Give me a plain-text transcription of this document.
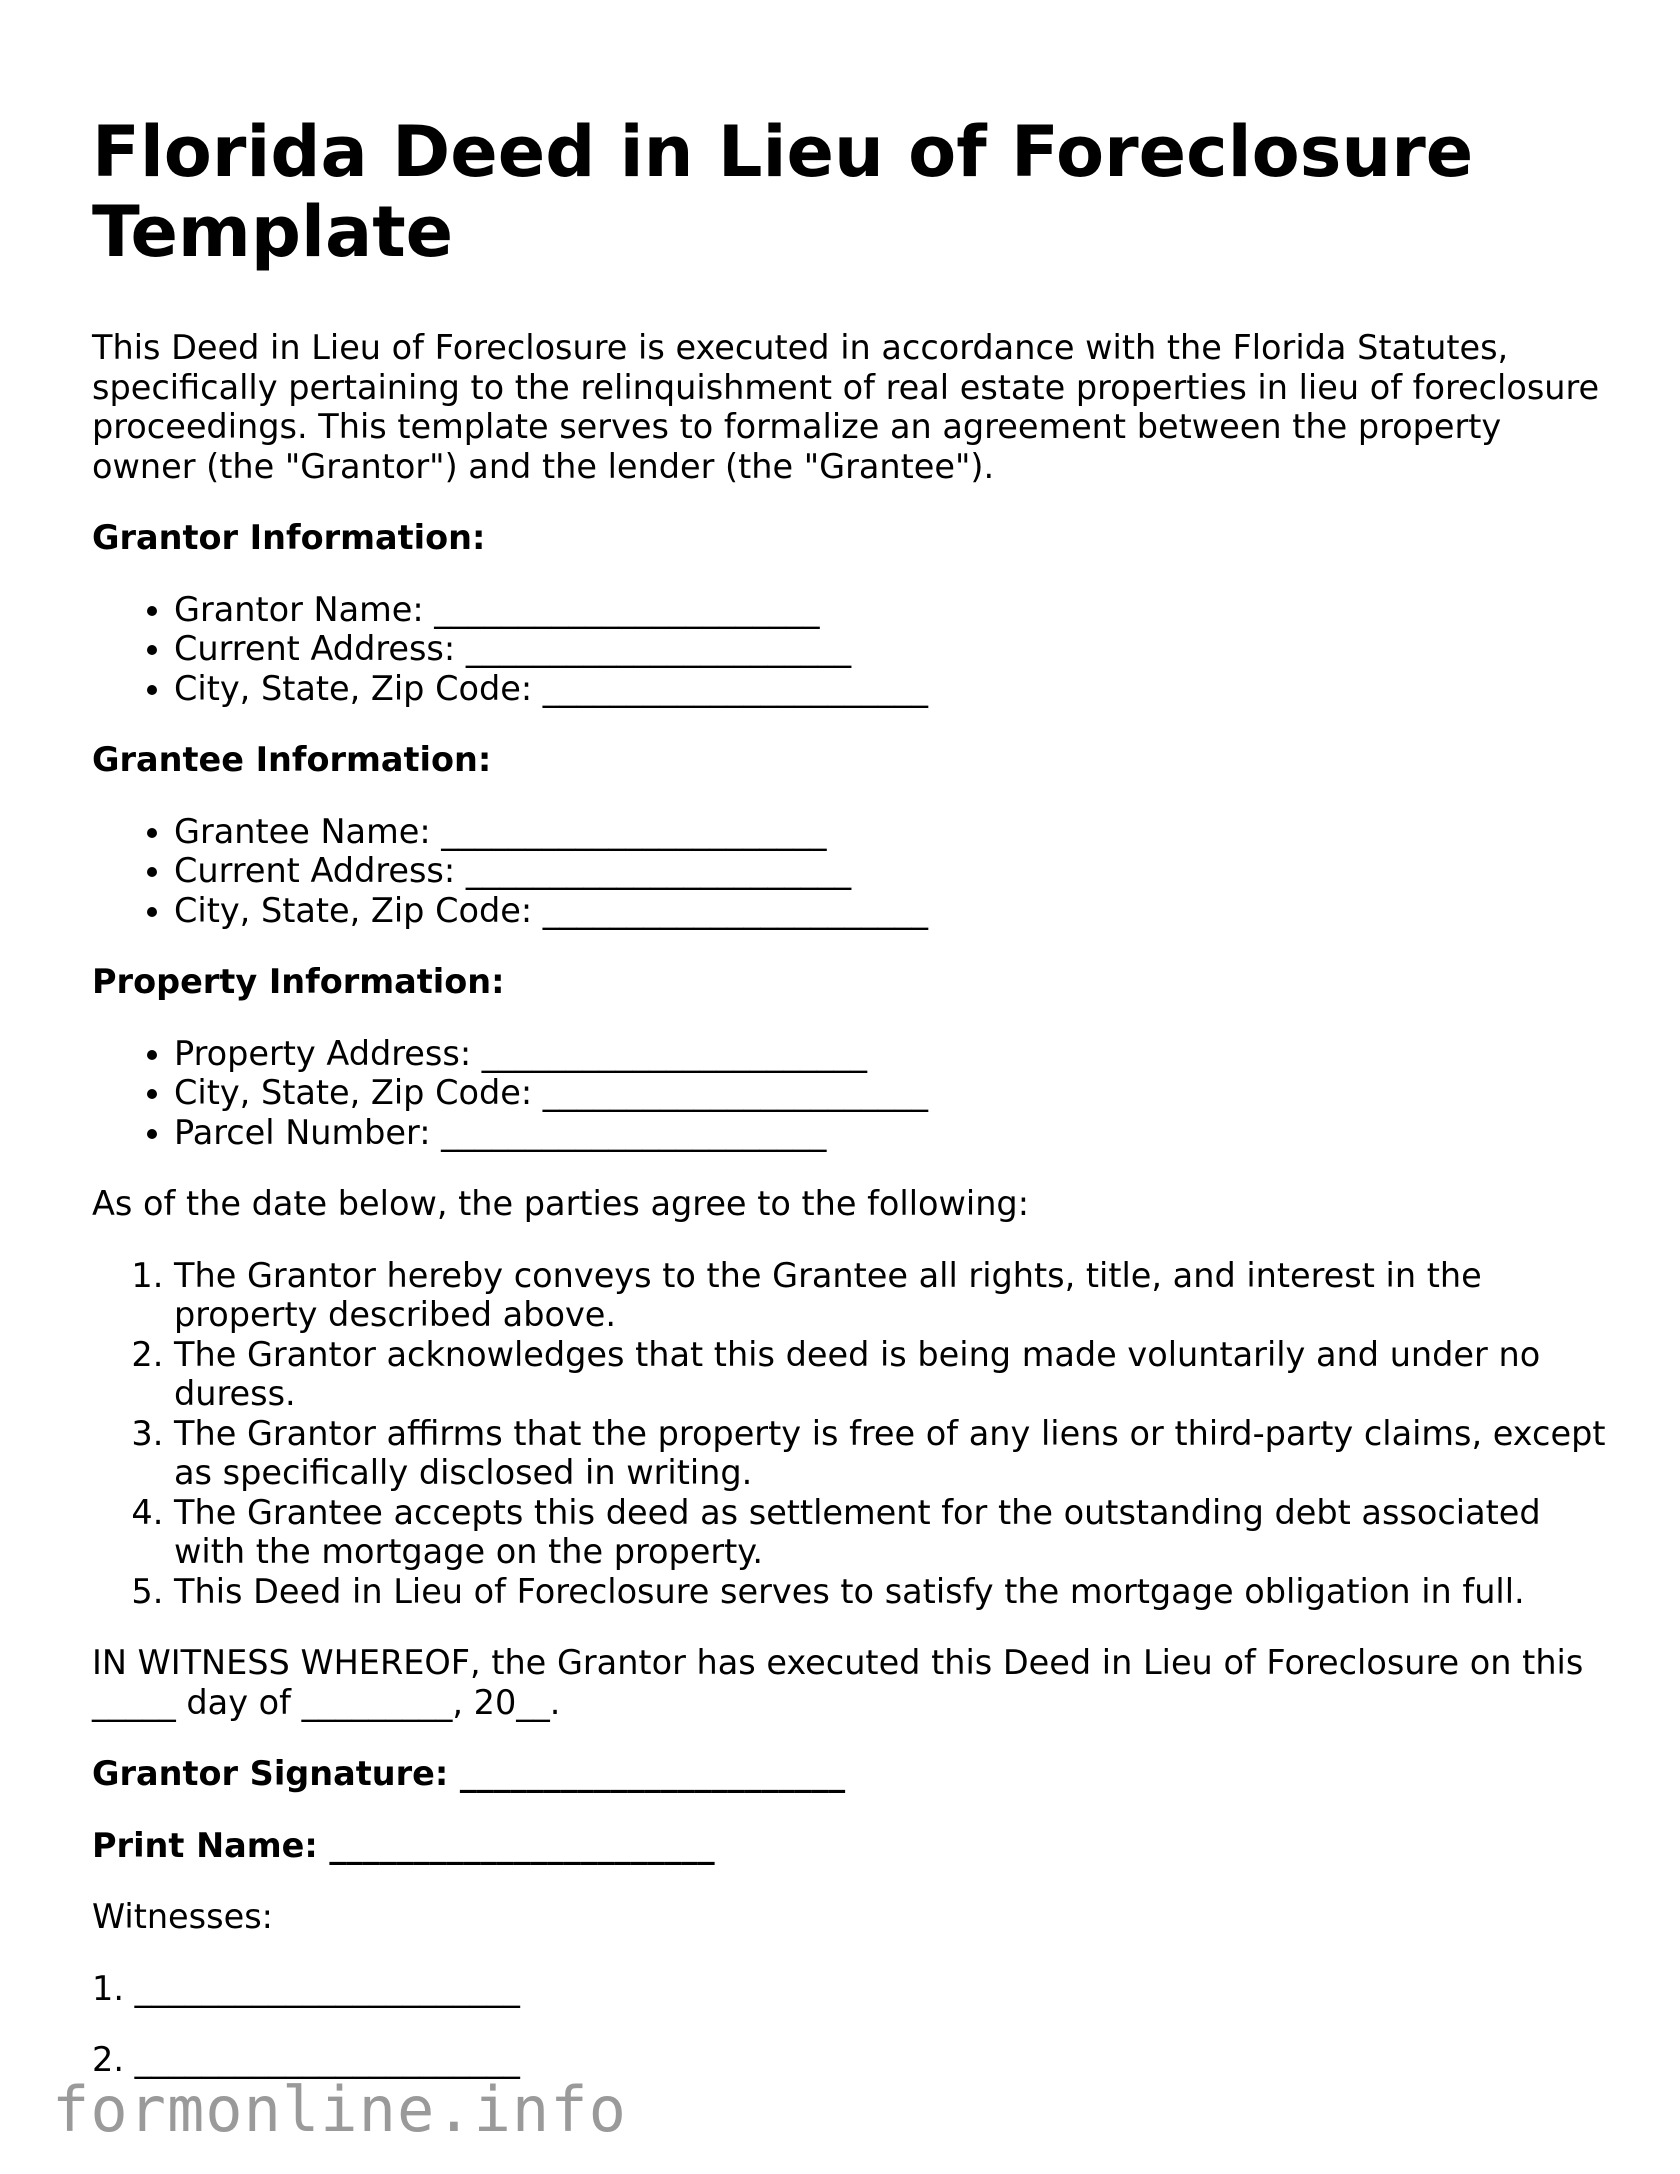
Florida Deed in Lieu of Foreclosure Template

This Deed in Lieu of Foreclosure is executed in accordance with the Florida Statutes, specifically pertaining to the relinquishment of real estate properties in lieu of foreclosure proceedings. This template serves to formalize an agreement between the property owner (the "Grantor") and the lender (the "Grantee").

Grantor Information:

• Grantor Name: _______________________
• Current Address: _______________________
• City, State, Zip Code: _______________________

Grantee Information:

• Grantee Name: _______________________
• Current Address: _______________________
• City, State, Zip Code: _______________________

Property Information:

• Property Address: _______________________
• City, State, Zip Code: _______________________
• Parcel Number: _______________________

As of the date below, the parties agree to the following:

1. The Grantor hereby conveys to the Grantee all rights, title, and interest in the property described above.
2. The Grantor acknowledges that this deed is being made voluntarily and under no duress.
3. The Grantor affirms that the property is free of any liens or third-party claims, except as specifically disclosed in writing.
4. The Grantee accepts this deed as settlement for the outstanding debt associated with the mortgage on the property.
5. This Deed in Lieu of Foreclosure serves to satisfy the mortgage obligation in full.

IN WITNESS WHEREOF, the Grantor has executed this Deed in Lieu of Foreclosure on this _____ day of _________, 20__.

Grantor Signature: _______________________

Print Name: _______________________

Witnesses:

1. _______________________

2. _______________________

formonline.info
